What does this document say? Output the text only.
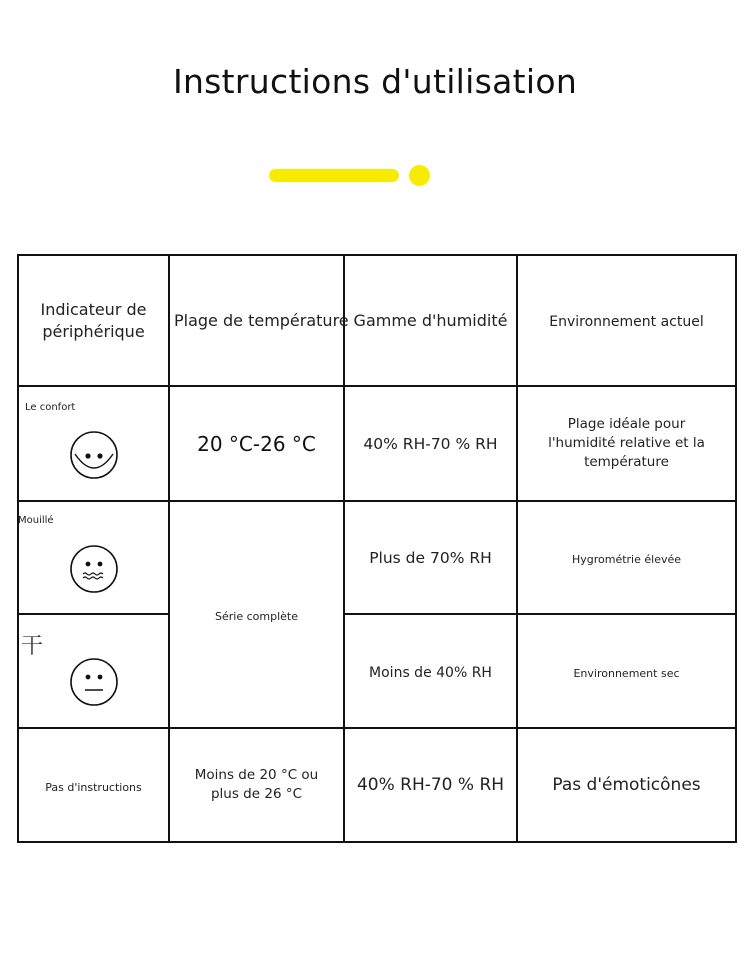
Instructions d'utilisation
Indicateur de périphérique	Plage de température	Gamme d'humidité	Environnement actuel

Le confort	20 °C-26 °C	40% RH-70 % RH	Plage idéale pour l'humidité relative et la température

Mouillé	Série complète	Plus de 70% RH	Hygrométrie élevée

干		Moins de 40% RH	Environnement sec
Pas d'instructions	Moins de 20 °C ou plus de 26 °C	40% RH-70 % RH	Pas d'émoticônes
